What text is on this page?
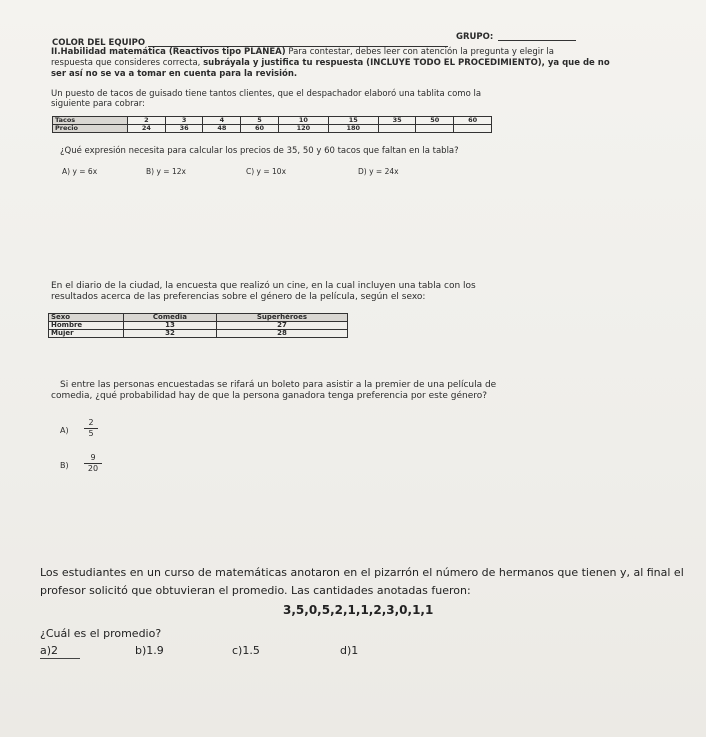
COLOR DEL EQUIPO
GRUPO:
II.Habilidad matemática (Reactivos tipo PLANEA) Para contestar, debes leer con atención la pregunta y elegir la
respuesta que consideres correcta, subráyala y justifica tu respuesta (INCLUYE TODO EL PROCEDIMIENTO), ya que de no
ser así no se va a tomar en cuenta para la revisión.
Un puesto de tacos de guisado tiene tantos clientes, que el despachador elaboró una tablita como la
siguiente para cobrar:
Tacos	2	3	4	5	10	15	35	50	60
Precio	24	36	48	60	120	180			
¿Qué expresión necesita para calcular los precios de 35, 50 y 60 tacos que faltan en la tabla?
A) y = 6x	B) y = 12x	C) y = 10x	D) y = 24x
En el diario de la ciudad, la encuesta que realizó un cine, en la cual incluyen una tabla con los
resultados acerca de las preferencias sobre el género de la película, según el sexo:
Sexo	Comedia	Superhéroes
Hombre	13	27
Mujer	32	28
Si entre las personas encuestadas se rifará un boleto para asistir a la premier de una película de
comedia, ¿qué probabilidad hay de que la persona ganadora tenga preferencia por este género?
$A) \frac{2}{5}$
$B) \frac{9}{20}$
Los estudiantes en un curso de matemáticas anotaron en el pizarrón el número de hermanos que tienen y, al final el
profesor solicitó que obtuvieran el promedio. Las cantidades anotadas fueron:
3,5,0,5,2,1,1,2,3,0,1,1
¿Cuál es el promedio?
a)2	b)1.9	c)1.5	d)1
